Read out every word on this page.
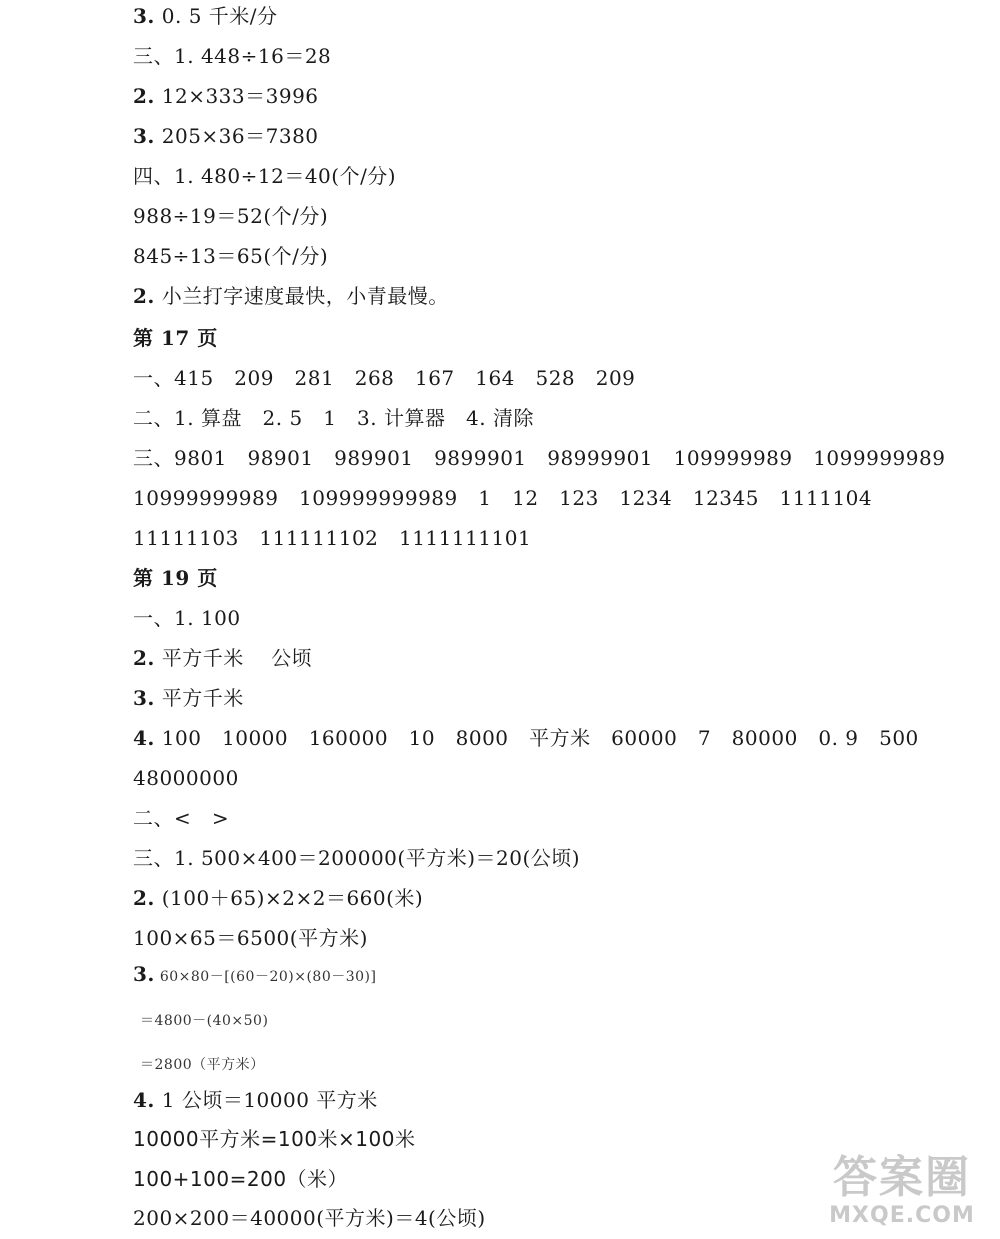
3. 0. 5 千米/分
三、1. 448÷16＝28
2. 12×333＝3996
3. 205×36＝7380
四、1. 480÷12＝40(个/分)
988÷19＝52(个/分)
845÷13＝65(个/分)
2. 小兰打字速度最快，小青最慢。
第 17 页
一、415   209   281   268   167   164   528   209
二、1. 算盘   2. 5   1   3. 计算器   4. 清除
三、9801   98901   989901   9899901   98999901   109999989   1099999989
10999999989   109999999989   1   12   123   1234   12345   1111104
11111103   111111102   1111111101
第 19 页
一、1. 100
2. 平方千米    公顷
3. 平方千米
4. 100   10000   160000   10   8000   平方米   60000   7   80000   0. 9   500
48000000
二、<   >
三、1. 500×400＝200000(平方米)＝20(公顷)
2. (100＋65)×2×2＝660(米)
100×65＝6500(平方米)
3. 60×80－[(60－20)×(80－30)]
＝4800－(40×50)
＝2800（平方米）
4. 1 公顷＝10000 平方米
10000平方米=100米×100米
100+100=200（米）
200×200＝40000(平方米)＝4(公顷)
答案圈
MXQE.COM
